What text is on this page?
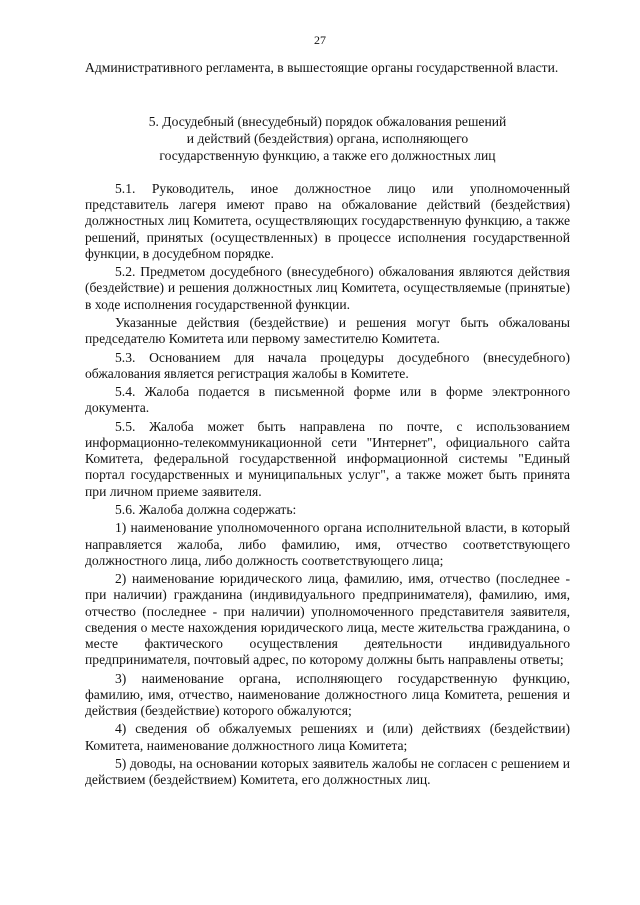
27
Административного регламента, в вышестоящие органы государственной власти.
5. Досудебный (внесудебный) порядок обжалования решений
и действий (бездействия) органа, исполняющего
государственную функцию, а также его должностных лиц

5.1. Руководитель, иное должностное лицо или уполномоченный представитель лагеря имеют право на обжалование действий (бездействия) должностных лиц Комитета, осуществляющих государственную функцию, а также решений, принятых (осуществленных) в процессе исполнения государственной функции, в досудебном порядке.

5.2. Предметом досудебного (внесудебного) обжалования являются действия (бездействие) и решения должностных лиц Комитета, осуществляемые (принятые) в ходе исполнения государственной функции.

Указанные действия (бездействие) и решения могут быть обжалованы председателю Комитета или первому заместителю Комитета.

5.3. Основанием для начала процедуры досудебного (внесудебного) обжалования является регистрация жалобы в Комитете.

5.4. Жалоба подается в письменной форме или в форме электронного документа.

5.5. Жалоба может быть направлена по почте, с использованием информационно-телекоммуникационной сети "Интернет", официального сайта Комитета, федеральной государственной информационной системы "Единый портал государственных и муниципальных услуг", а также может быть принята при личном приеме заявителя.

5.6. Жалоба должна содержать:

1) наименование уполномоченного органа исполнительной власти, в который направляется жалоба, либо фамилию, имя, отчество соответствующего должностного лица, либо должность соответствующего лица;

2) наименование юридического лица, фамилию, имя, отчество (последнее - при наличии) гражданина (индивидуального предпринимателя), фамилию, имя, отчество (последнее - при наличии) уполномоченного представителя заявителя, сведения о месте нахождения юридического лица, месте жительства гражданина, о месте фактического осуществления деятельности индивидуального предпринимателя, почтовый адрес, по которому должны быть направлены ответы;

3) наименование органа, исполняющего государственную функцию, фамилию, имя, отчество, наименование должностного лица Комитета, решения и действия (бездействие) которого обжалуются;

4) сведения об обжалуемых решениях и (или) действиях (бездействии) Комитета, наименование должностного лица Комитета;

5) доводы, на основании которых заявитель жалобы не согласен с решением и действием (бездействием) Комитета, его должностных лиц.
